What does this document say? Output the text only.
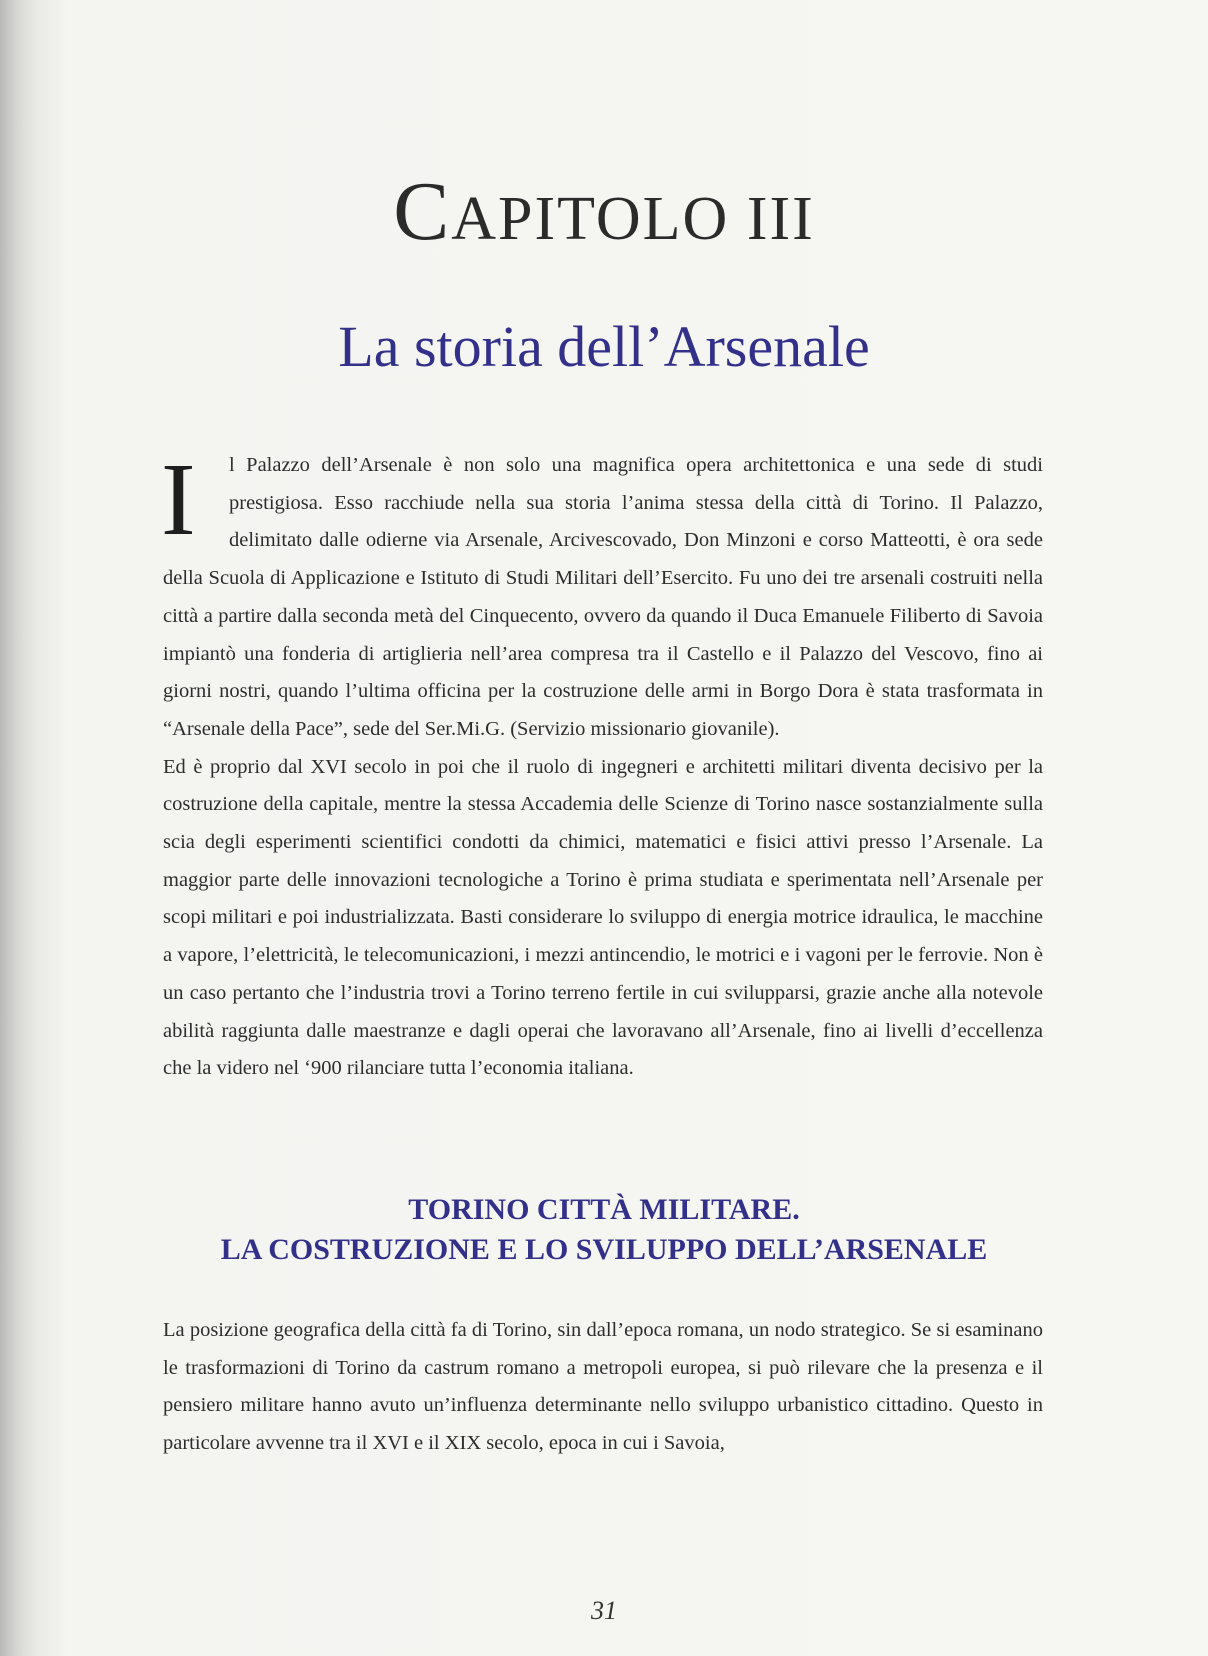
CAPITOLO III
La storia dell’Arsenale

I	l Palazzo dell’Arsenale è non solo una magnifica opera architettonica e una sede di studi prestigiosa. Esso racchiude nella sua storia l’anima stessa della città di Torino. Il Palazzo, delimitato dalle odierne via Arsenale, Arcivescovado, Don Minzoni e corso Matteotti, è ora sede della Scuola di Applicazione e Istituto di Studi Militari dell’Esercito. Fu uno dei tre arsenali costruiti nella città a partire dalla seconda metà del Cinquecento, ovvero da quando il Duca Emanuele Filiberto di Savoia impiantò una fonderia di artiglieria nell’area compresa tra il Castello e il Palazzo del Vescovo, fino ai giorni nostri, quando l’ultima officina per la costruzione delle armi in Borgo Dora è stata trasformata in “Arsenale della Pace”, sede del Ser.Mi.G. (Servizio missionario giovanile).

Ed è proprio dal XVI secolo in poi che il ruolo di ingegneri e architetti militari diventa decisivo per la costruzione della capitale, mentre la stessa Accademia delle Scienze di Torino nasce sostanzialmente sulla scia degli esperimenti scientifici condotti da chimici, matematici e fisici attivi presso l’Arsenale. La maggior parte delle innovazioni tecnologiche a Torino è prima studiata e sperimentata nell’Arsenale per scopi militari e poi industrializzata. Basti considerare lo sviluppo di energia motrice idraulica, le macchine a vapore, l’elettricità, le telecomunicazioni, i mezzi antincendio, le motrici e i vagoni per le ferrovie. Non è un caso pertanto che l’industria trovi a Torino terreno fertile in cui svilupparsi, grazie anche alla notevole abilità raggiunta dalle maestranze e dagli operai che lavoravano all’Arsenale, fino ai livelli d’eccellenza che la videro nel ‘900 rilanciare tutta l’economia italiana.

TORINO CITTÀ MILITARE.
LA COSTRUZIONE E LO SVILUPPO DELL’ARSENALE

La posizione geografica della città fa di Torino, sin dall’epoca romana, un nodo strategico. Se si esaminano le trasformazioni di Torino da castrum romano a metropoli europea, si può rilevare che la presenza e il pensiero militare hanno avuto un’influenza determinante nello sviluppo urbanistico cittadino. Questo in particolare avvenne tra il XVI e il XIX secolo, epoca in cui i Savoia,

31
